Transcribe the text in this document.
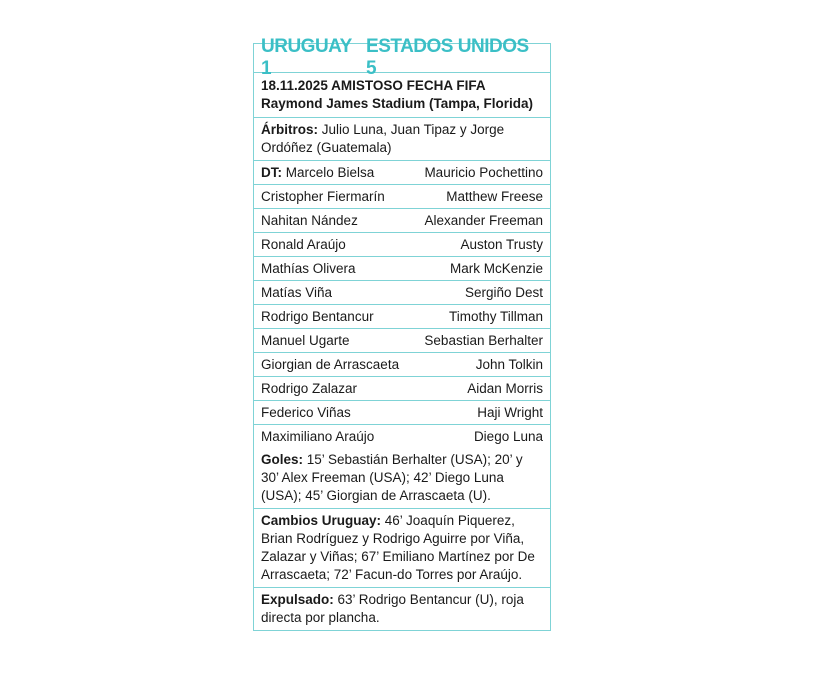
URUGUAY 1
ESTADOS UNIDOS 5
18.11.2025 AMISTOSO FECHA FIFA
Raymond James Stadium (Tampa, Florida)
Árbitros: Julio Luna, Juan Tipaz y Jorge Ordóñez (Guatemala)
DT: Marcelo Bielsa	Mauricio Pochettino
Cristopher Fiermarín	Matthew Freese
Nahitan Nández	Alexander Freeman
Ronald Araújo	Auston Trusty
Mathías Olivera	Mark McKenzie
Matías Viña	Sergiño Dest
Rodrigo Bentancur	Timothy Tillman
Manuel Ugarte	Sebastian Berhalter
Giorgian de Arrascaeta	John Tolkin
Rodrigo Zalazar	Aidan Morris
Federico Viñas	Haji Wright
Maximiliano Araújo	Diego Luna
Goles: 15’ Sebastián Berhalter (USA); 20’ y 30’ Alex Freeman (USA); 42’ Diego Luna (USA); 45’ Giorgian de Arrascaeta (U).
Cambios Uruguay: 46’ Joaquín Piquerez, Brian Rodríguez y Rodrigo Aguirre por Viña, Zalazar y Viñas; 67’ Emiliano Martínez por De Arrascaeta; 72’ Facun-do Torres por Araújo.
Expulsado: 63’ Rodrigo Bentancur (U), roja directa por plancha.
